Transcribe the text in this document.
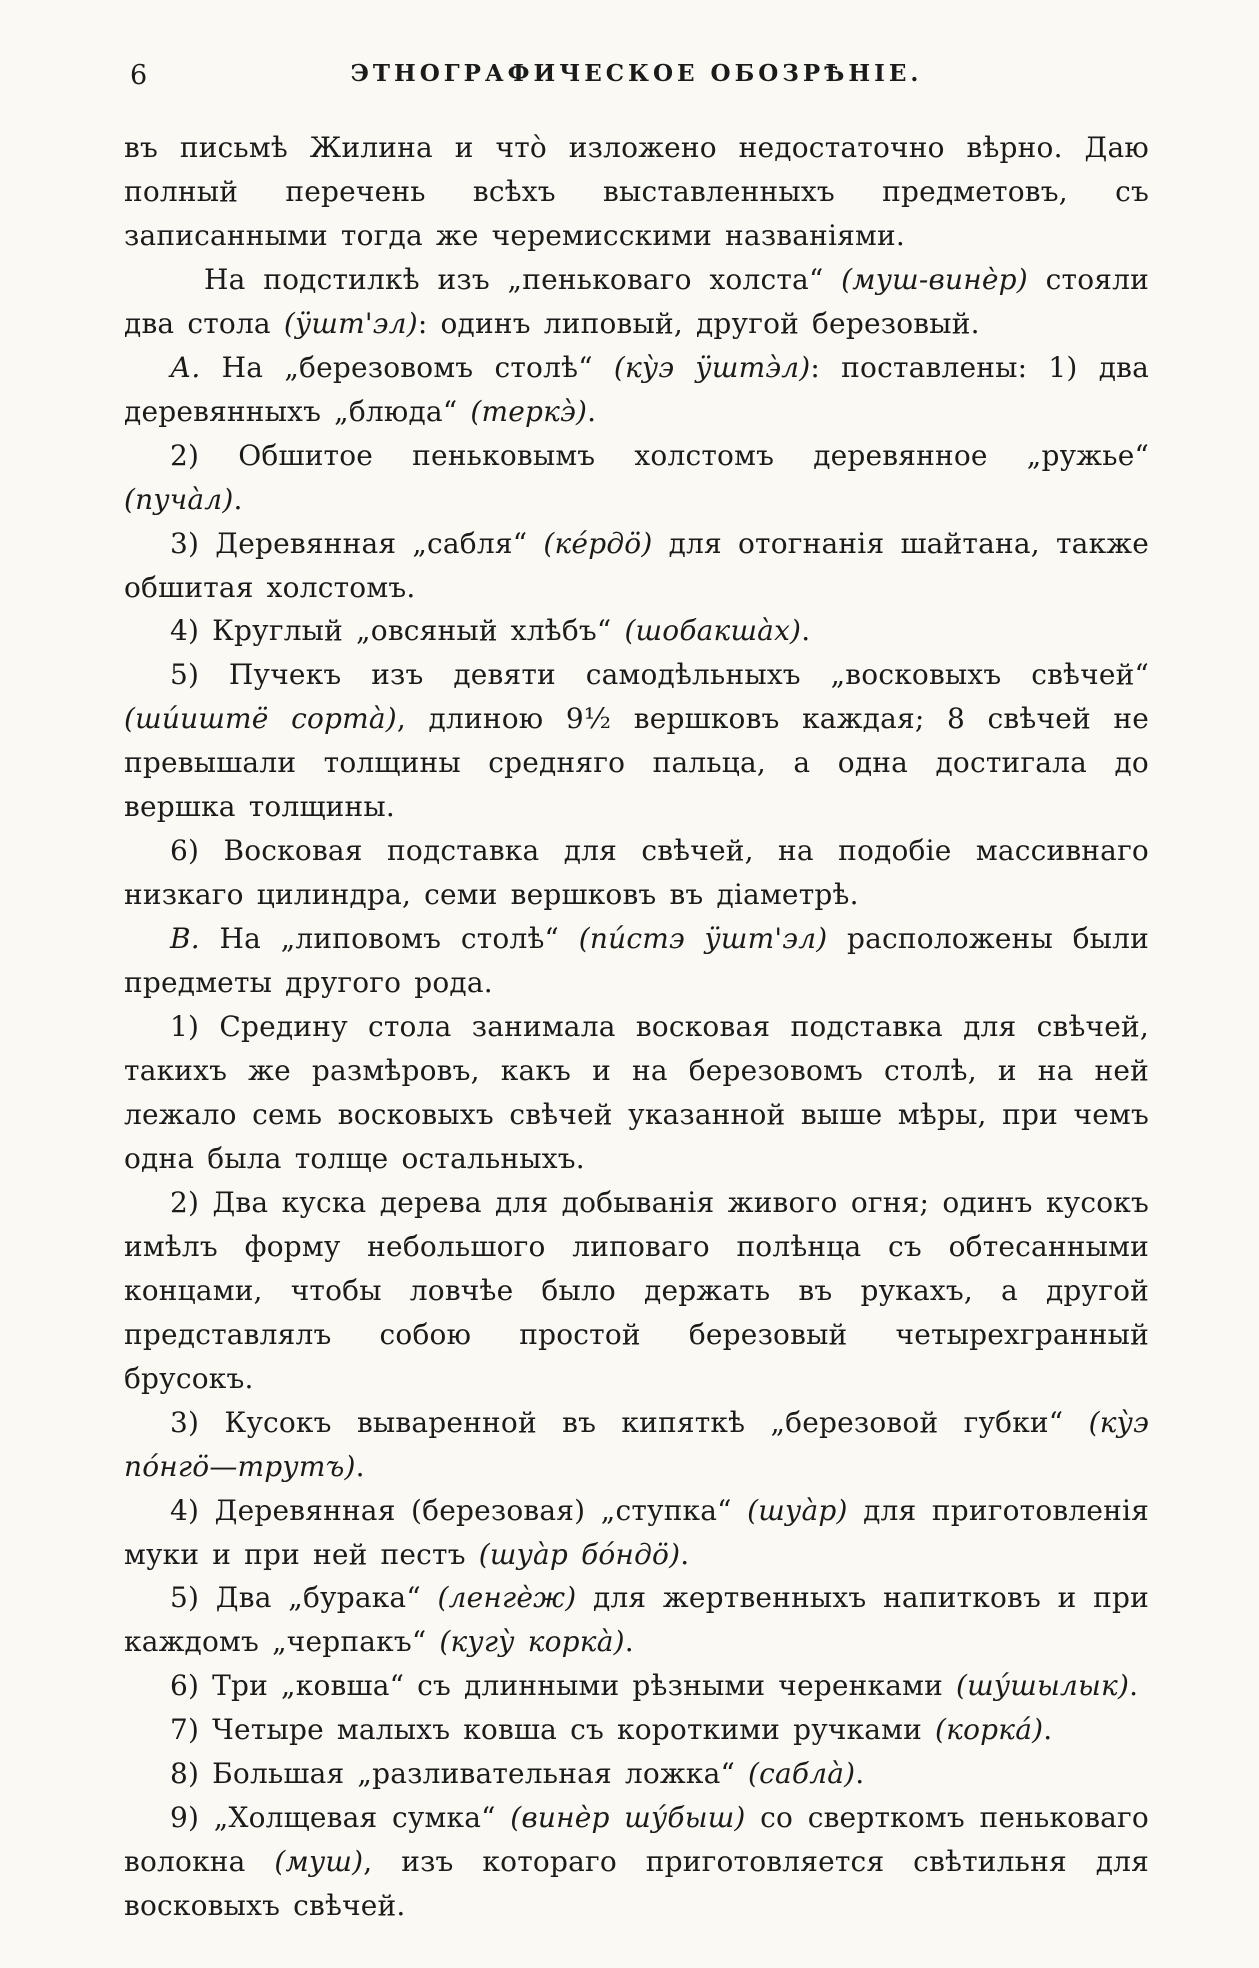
6	ЭТНОГРАФИЧЕСКОЕ ОБОЗРѢНІЕ.

въ письмѣ Жилина и что̀ изложено недостаточно вѣрно. Даю полный перечень всѣхъ выставленныхъ предметовъ, съ записанными тогда же черемисскими названіями.

На подстилкѣ изъ „пеньковаго холста“ (муш-винѐр) стояли два стола (ӱшт'эл): одинъ липовый, другой березовый.

А. На „березовомъ столѣ“ (ку̀э ӱштэ̀л): поставлены: 1) два деревянныхъ „блюда“ (теркэ̀).

2) Обшитое пеньковымъ холстомъ деревянное „ружье“ (пуча̀л).

3) Деревянная „сабля“ (ке́рдӧ) для отогнанія шайтана, также обшитая холстомъ.

4) Круглый „овсяный хлѣбъ“ (шобакша̀х).

5) Пучекъ изъ девяти самодѣльныхъ „восковыхъ свѣчей“ (ши́иштё сорта̀), длиною 9½ вершковъ каждая; 8 свѣчей не превышали толщины средняго пальца, а одна достигала до вершка толщины.

6) Восковая подставка для свѣчей, на подобіе массивнаго низкаго цилиндра, семи вершковъ въ діаметрѣ.

В. На „липовомъ столѣ“ (пи́стэ ӱшт'эл) расположены были предметы другого рода.

1) Средину стола занимала восковая подставка для свѣчей, такихъ же размѣровъ, какъ и на березовомъ столѣ, и на ней лежало семь восковыхъ свѣчей указанной выше мѣры, при чемъ одна была толще остальныхъ.

2) Два куска дерева для добыванія живого огня; одинъ кусокъ имѣлъ форму небольшого липоваго полѣнца съ обтесанными концами, чтобы ловчѣе было держать въ рукахъ, а другой представлялъ собою простой березовый четырехгранный брусокъ.

3) Кусокъ вываренной въ кипяткѣ „березовой губки“ (ку̀э по́нгӧ—трутъ).

4) Деревянная (березовая) „ступка“ (шуа̀р) для приготовленія муки и при ней пестъ (шуа̀р бо́ндӧ).

5) Два „бурака“ (ленгѐж) для жертвенныхъ напитковъ и при каждомъ „черпакъ“ (кугу̀ корка̀).

6) Три „ковша“ съ длинными рѣзными черенками (шу́шылык).

7) Четыре малыхъ ковша съ короткими ручками (корка́).

8) Большая „разливательная ложка“ (сабла̀).

9) „Холщевая сумка“ (винѐр шу́быш) со сверткомъ пеньковаго волокна (муш), изъ котораго приготовляется свѣтильня для восковыхъ свѣчей.
